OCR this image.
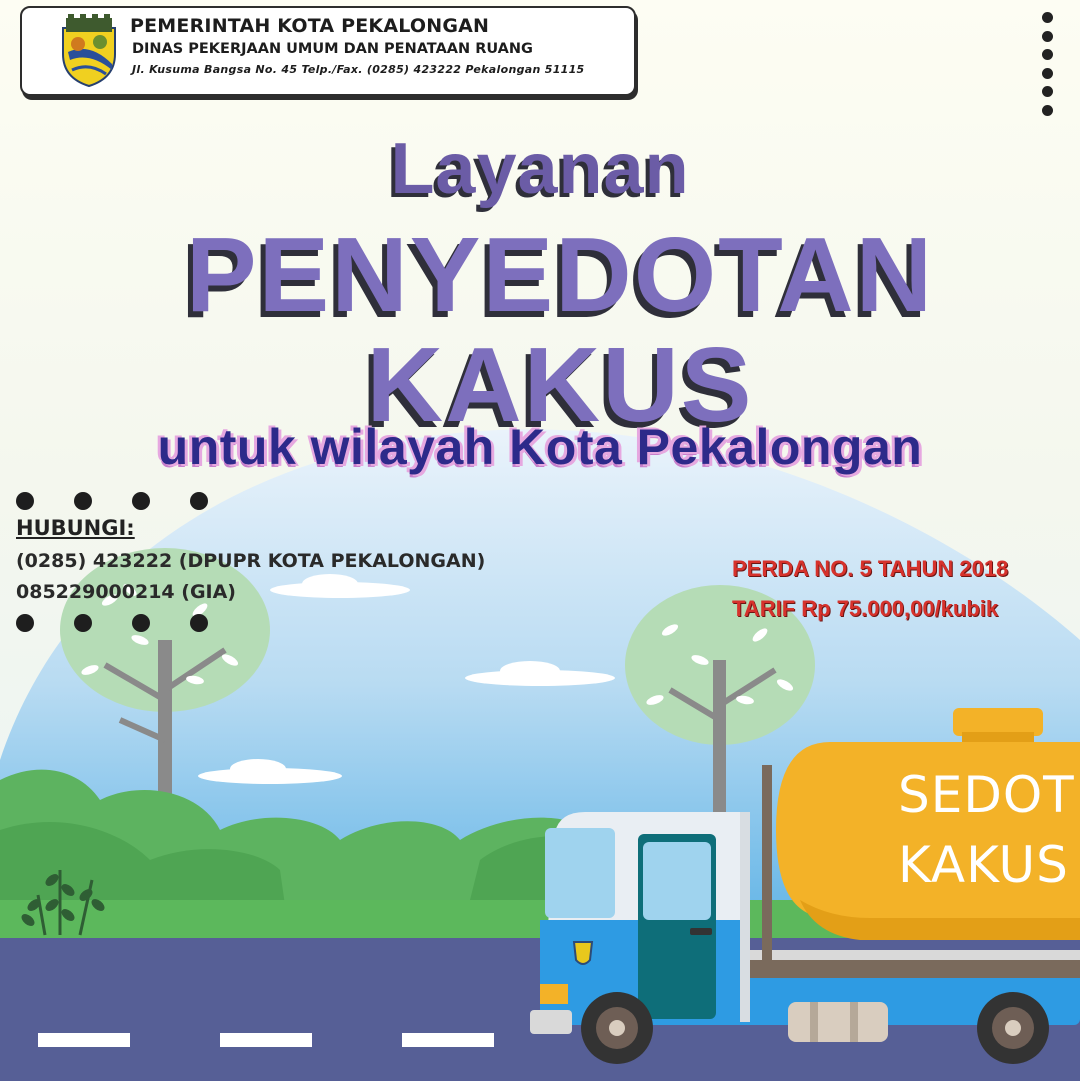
PEMERINTAH KOTA PEKALONGAN
DINAS PEKERJAAN UMUM DAN PENATAAN RUANG
Jl. Kusuma Bangsa No. 45 Telp./Fax. (0285) 423222 Pekalongan 51115
Layanan
PENYEDOTAN
KAKUS
untuk wilayah Kota Pekalongan
HUBUNGI:
(0285) 423222 (DPUPR KOTA PEKALONGAN)
085229000214 (GIA)
PERDA NO. 5 TAHUN 2018
TARIF Rp 75.000,00/kubik
SEDOT
KAKUS
